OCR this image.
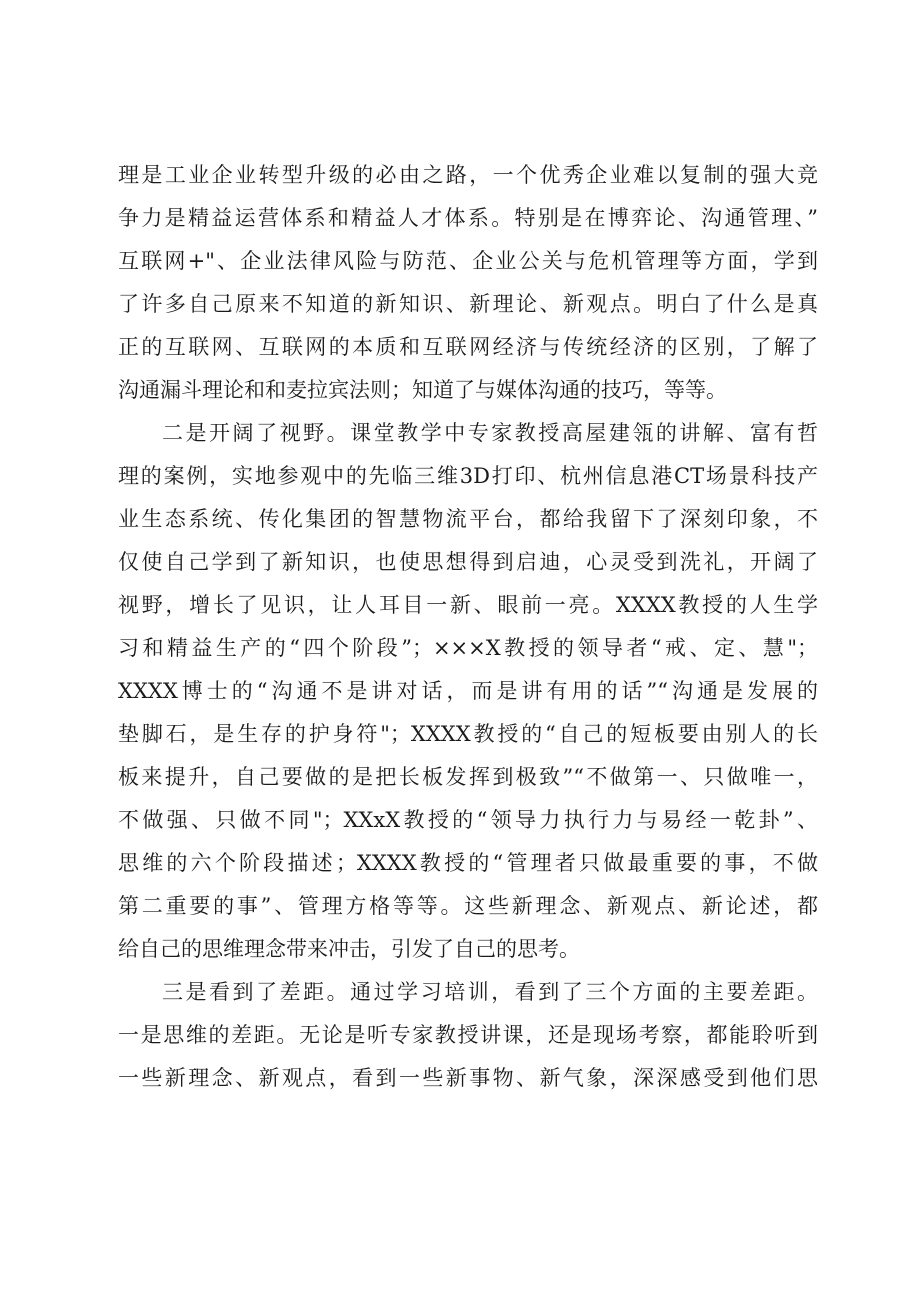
理是工业企业转型升级的必由之路，一个优秀企业难以复制的强大竞
争力是精益运营体系和精益人才体系。特别是在博弈论、沟通管理、”
互联网+"、企业法律风险与防范、企业公关与危机管理等方面，学到
了许多自己原来不知道的新知识、新理论、新观点。明白了什么是真
正的互联网、互联网的本质和互联网经济与传统经济的区别，了解了
沟通漏斗理论和和麦拉宾法则；知道了与媒体沟通的技巧，等等。
二是开阔了视野。课堂教学中专家教授高屋建瓴的讲解、富有哲
理的案例，实地参观中的先临三维3D打印、杭州信息港CT场景科技产
业生态系统、传化集团的智慧物流平台，都给我留下了深刻印象，不
仅使自己学到了新知识，也使思想得到启迪，心灵受到洗礼，开阔了
视野，增长了见识，让人耳目一新、眼前一亮。XXXX教授的人生学
习和精益生产的“四个阶段”；×××X教授的领导者“戒、定、慧"；
XXXX博士的“沟通不是讲对话，而是讲有用的话”“沟通是发展的
垫脚石，是生存的护身符"；XXXX教授的“自己的短板要由别人的长
板来提升，自己要做的是把长板发挥到极致”“不做第一、只做唯一，
不做强、只做不同"；XXxX教授的“领导力执行力与易经一乾卦”、
思维的六个阶段描述；XXXX教授的“管理者只做最重要的事，不做
第二重要的事”、管理方格等等。这些新理念、新观点、新论述，都
给自己的思维理念带来冲击，引发了自己的思考。
三是看到了差距。通过学习培训，看到了三个方面的主要差距。
一是思维的差距。无论是听专家教授讲课，还是现场考察，都能聆听到
一些新理念、新观点，看到一些新事物、新气象，深深感受到他们思
